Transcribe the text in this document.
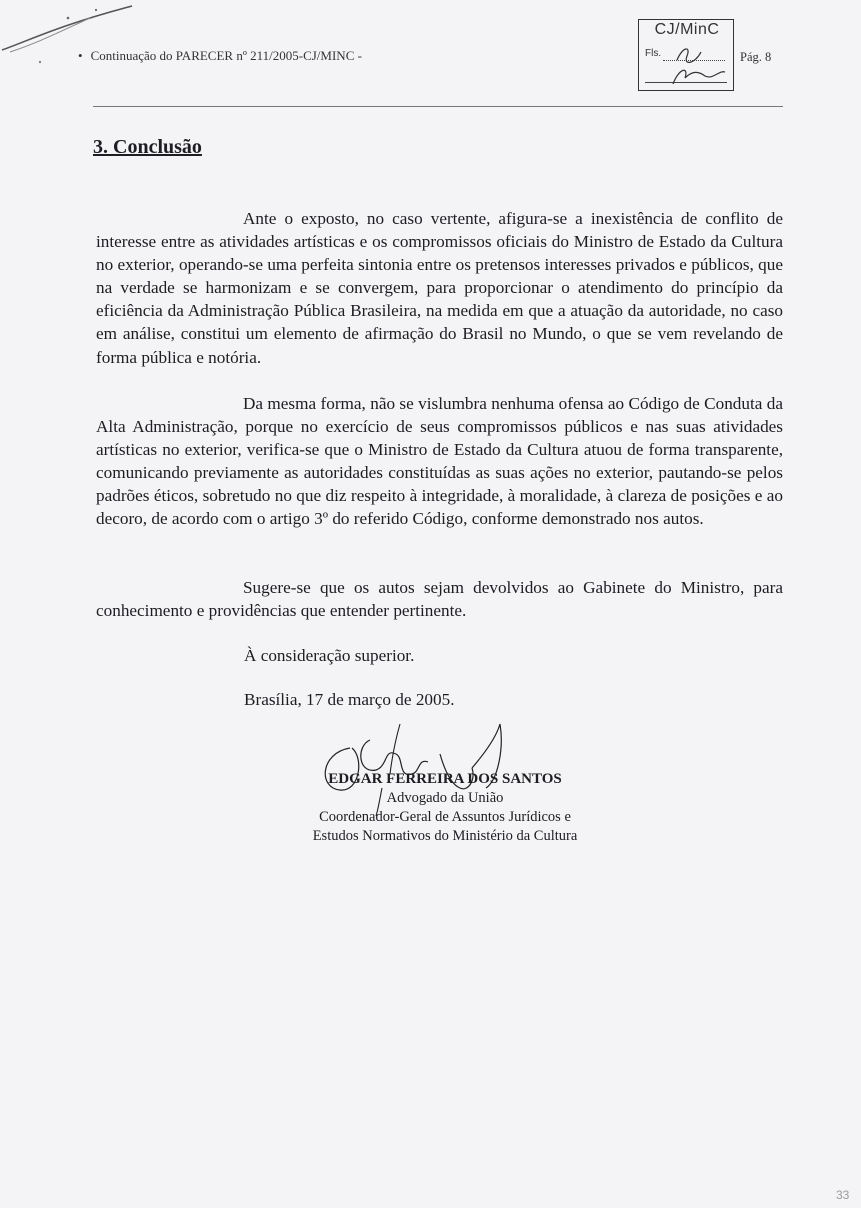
• Continuação do PARECER nº 211/2005-CJ/MINC -
CJ/MinC
Fls.	Pág. 8
3. Conclusão

Ante o exposto, no caso vertente, afigura-se a inexistência de conflito de interesse entre as atividades artísticas e os compromissos oficiais do Ministro de Estado da Cultura no exterior, operando-se uma perfeita sintonia entre os pretensos interesses privados e públicos, que na verdade se harmonizam e se convergem, para proporcionar o atendimento do princípio da eficiência da Administração Pública Brasileira, na medida em que a atuação da autoridade, no caso em análise, constitui um elemento de afirmação do Brasil no Mundo, o que se vem revelando de forma pública e notória.

Da mesma forma, não se vislumbra nenhuma ofensa ao Código de Conduta da Alta Administração, porque no exercício de seus compromissos públicos e nas suas atividades artísticas no exterior, verifica-se que o Ministro de Estado da Cultura atuou de forma transparente, comunicando previamente as autoridades constituídas as suas ações no exterior, pautando-se pelos padrões éticos, sobretudo no que diz respeito à integridade, à moralidade, à clareza de posições e ao decoro, de acordo com o artigo 3º do referido Código, conforme demonstrado nos autos.

Sugere-se que os autos sejam devolvidos ao Gabinete do Ministro, para conhecimento e providências que entender pertinente.

À consideração superior.

Brasília, 17 de março de 2005.

EDGAR FERREIRA DOS SANTOS
Advogado da União
Coordenador-Geral de Assuntos Jurídicos e
Estudos Normativos do Ministério da Cultura
33
